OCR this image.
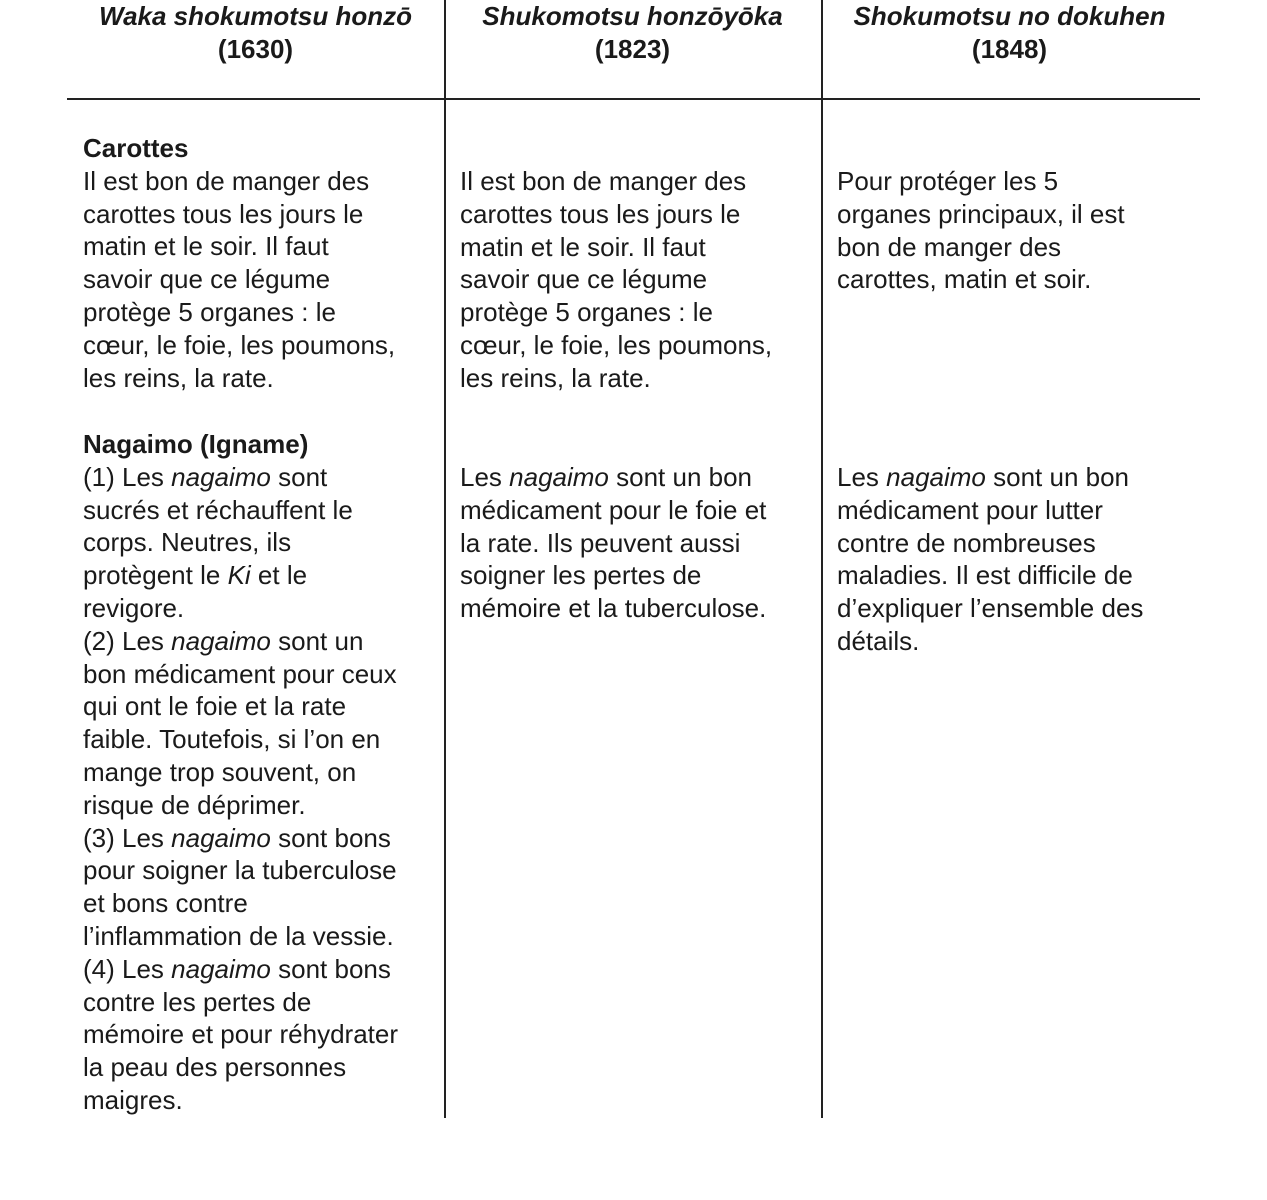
Waka shokumotsu honzō
(1630)
Shukomotsu honzōyōka
(1823)
Shokumotsu no dokuhen
(1848)
Carottes
Il est bon de manger des
carottes tous les jours le
matin et le soir. Il faut
savoir que ce légume
protège 5 organes : le
cœur, le foie, les poumons,
les reins, la rate.
Il est bon de manger des
carottes tous les jours le
matin et le soir. Il faut
savoir que ce légume
protège 5 organes : le
cœur, le foie, les poumons,
les reins, la rate.
Pour protéger les 5
organes principaux, il est
bon de manger des
carottes, matin et soir.
Nagaimo (Igname)
(1) Les nagaimo sont
sucrés et réchauffent le
corps. Neutres, ils
protègent le Ki et le
revigore.
(2) Les nagaimo sont un
bon médicament pour ceux
qui ont le foie et la rate
faible. Toutefois, si l’on en
mange trop souvent, on
risque de déprimer.
(3) Les nagaimo sont bons
pour soigner la tuberculose
et bons contre
l’inflammation de la vessie.
(4) Les nagaimo sont bons
contre les pertes de
mémoire et pour réhydrater
la peau des personnes
maigres.
Les nagaimo sont un bon
médicament pour le foie et
la rate. Ils peuvent aussi
soigner les pertes de
mémoire et la tuberculose.
Les nagaimo sont un bon
médicament pour lutter
contre de nombreuses
maladies. Il est difficile de
d’expliquer l’ensemble des
détails.
